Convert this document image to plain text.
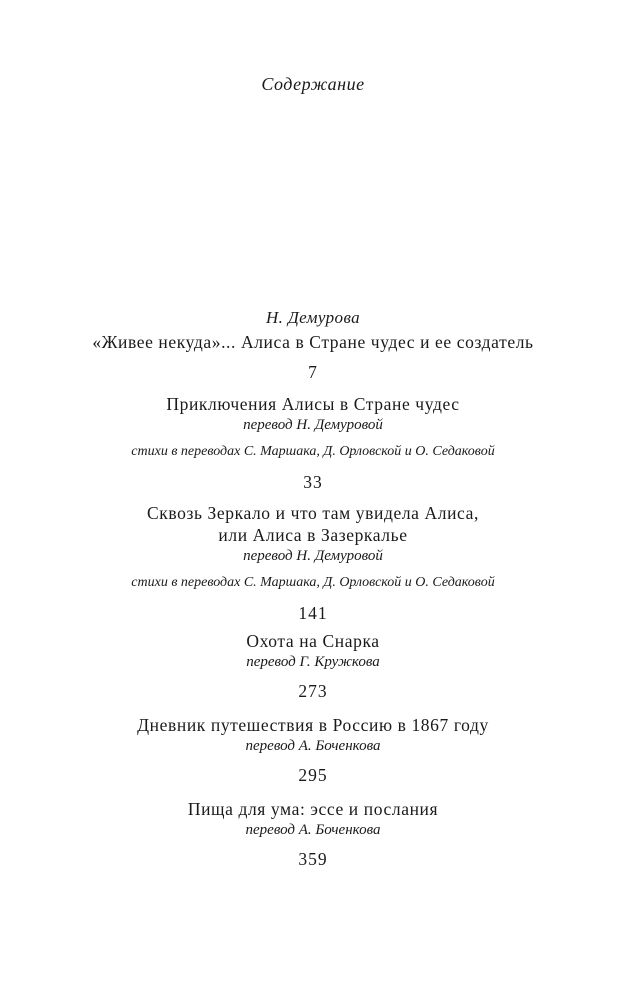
Содержание
Н. Демурова
«Живее некуда»... Алиса в Стране чудес и ее создатель
7
Приключения Алисы в Стране чудес
перевод Н. Демуровой
стихи в переводах С. Маршака, Д. Орловской и О. Седаковой
33
Сквозь Зеркало и что там увидела Алиса,
или Алиса в Зазеркалье
перевод Н. Демуровой
стихи в переводах С. Маршака, Д. Орловской и О. Седаковой
141
Охота на Снарка
перевод Г. Кружкова
273
Дневник путешествия в Россию в 1867 году
перевод А. Боченкова
295
Пища для ума: эссе и послания
перевод А. Боченкова
359
